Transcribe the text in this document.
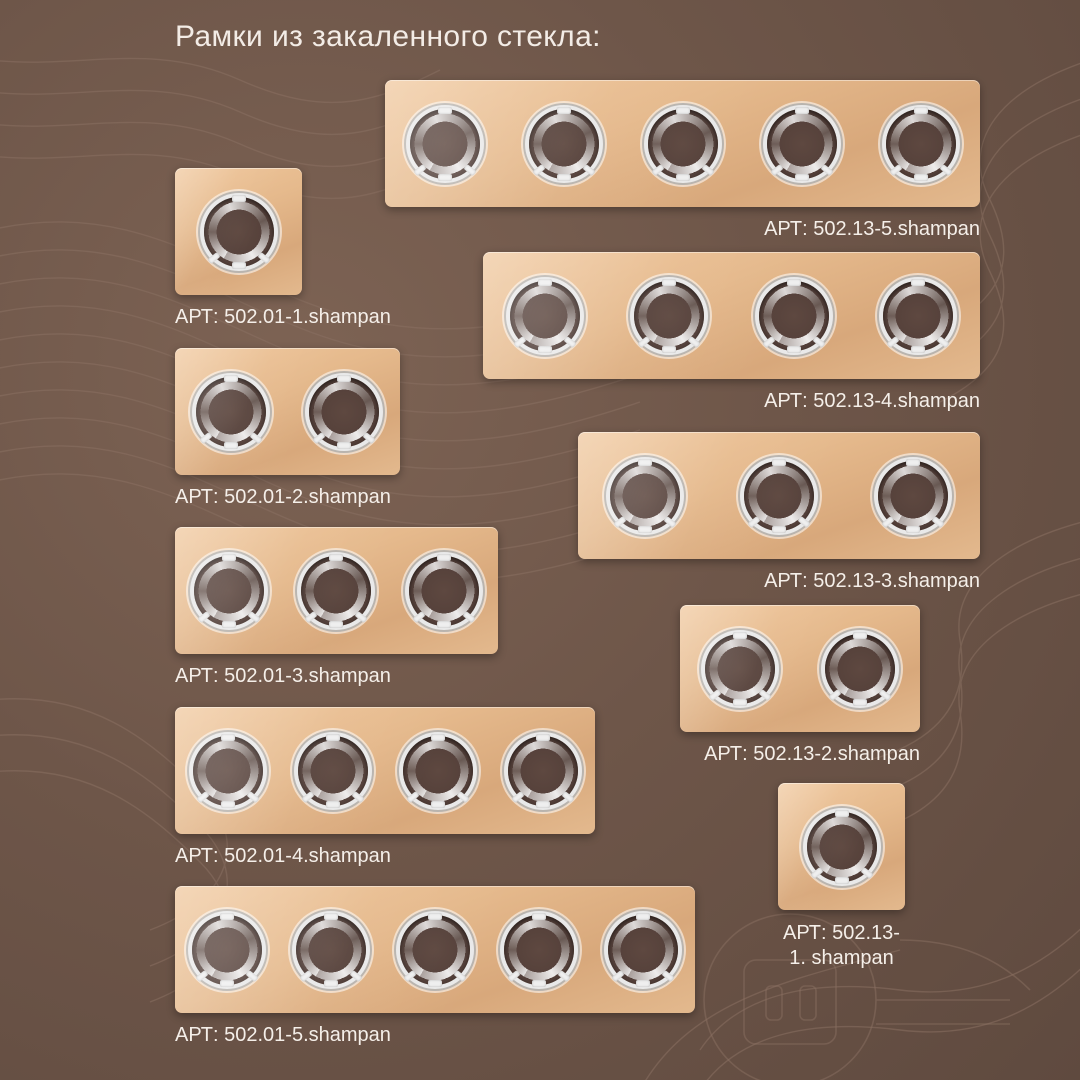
Рамки из закаленного стекла:
АРТ: 502.01-1.shampan
АРТ: 502.13-5.shampan
АРТ: 502.01-2.shampan
АРТ: 502.13-4.shampan
АРТ: 502.01-3.shampan
АРТ: 502.13-3.shampan
АРТ: 502.01-4.shampan
АРТ: 502.13-2.shampan
АРТ: 502.01-5.shampan
АРТ: 502.13-1. shampan
